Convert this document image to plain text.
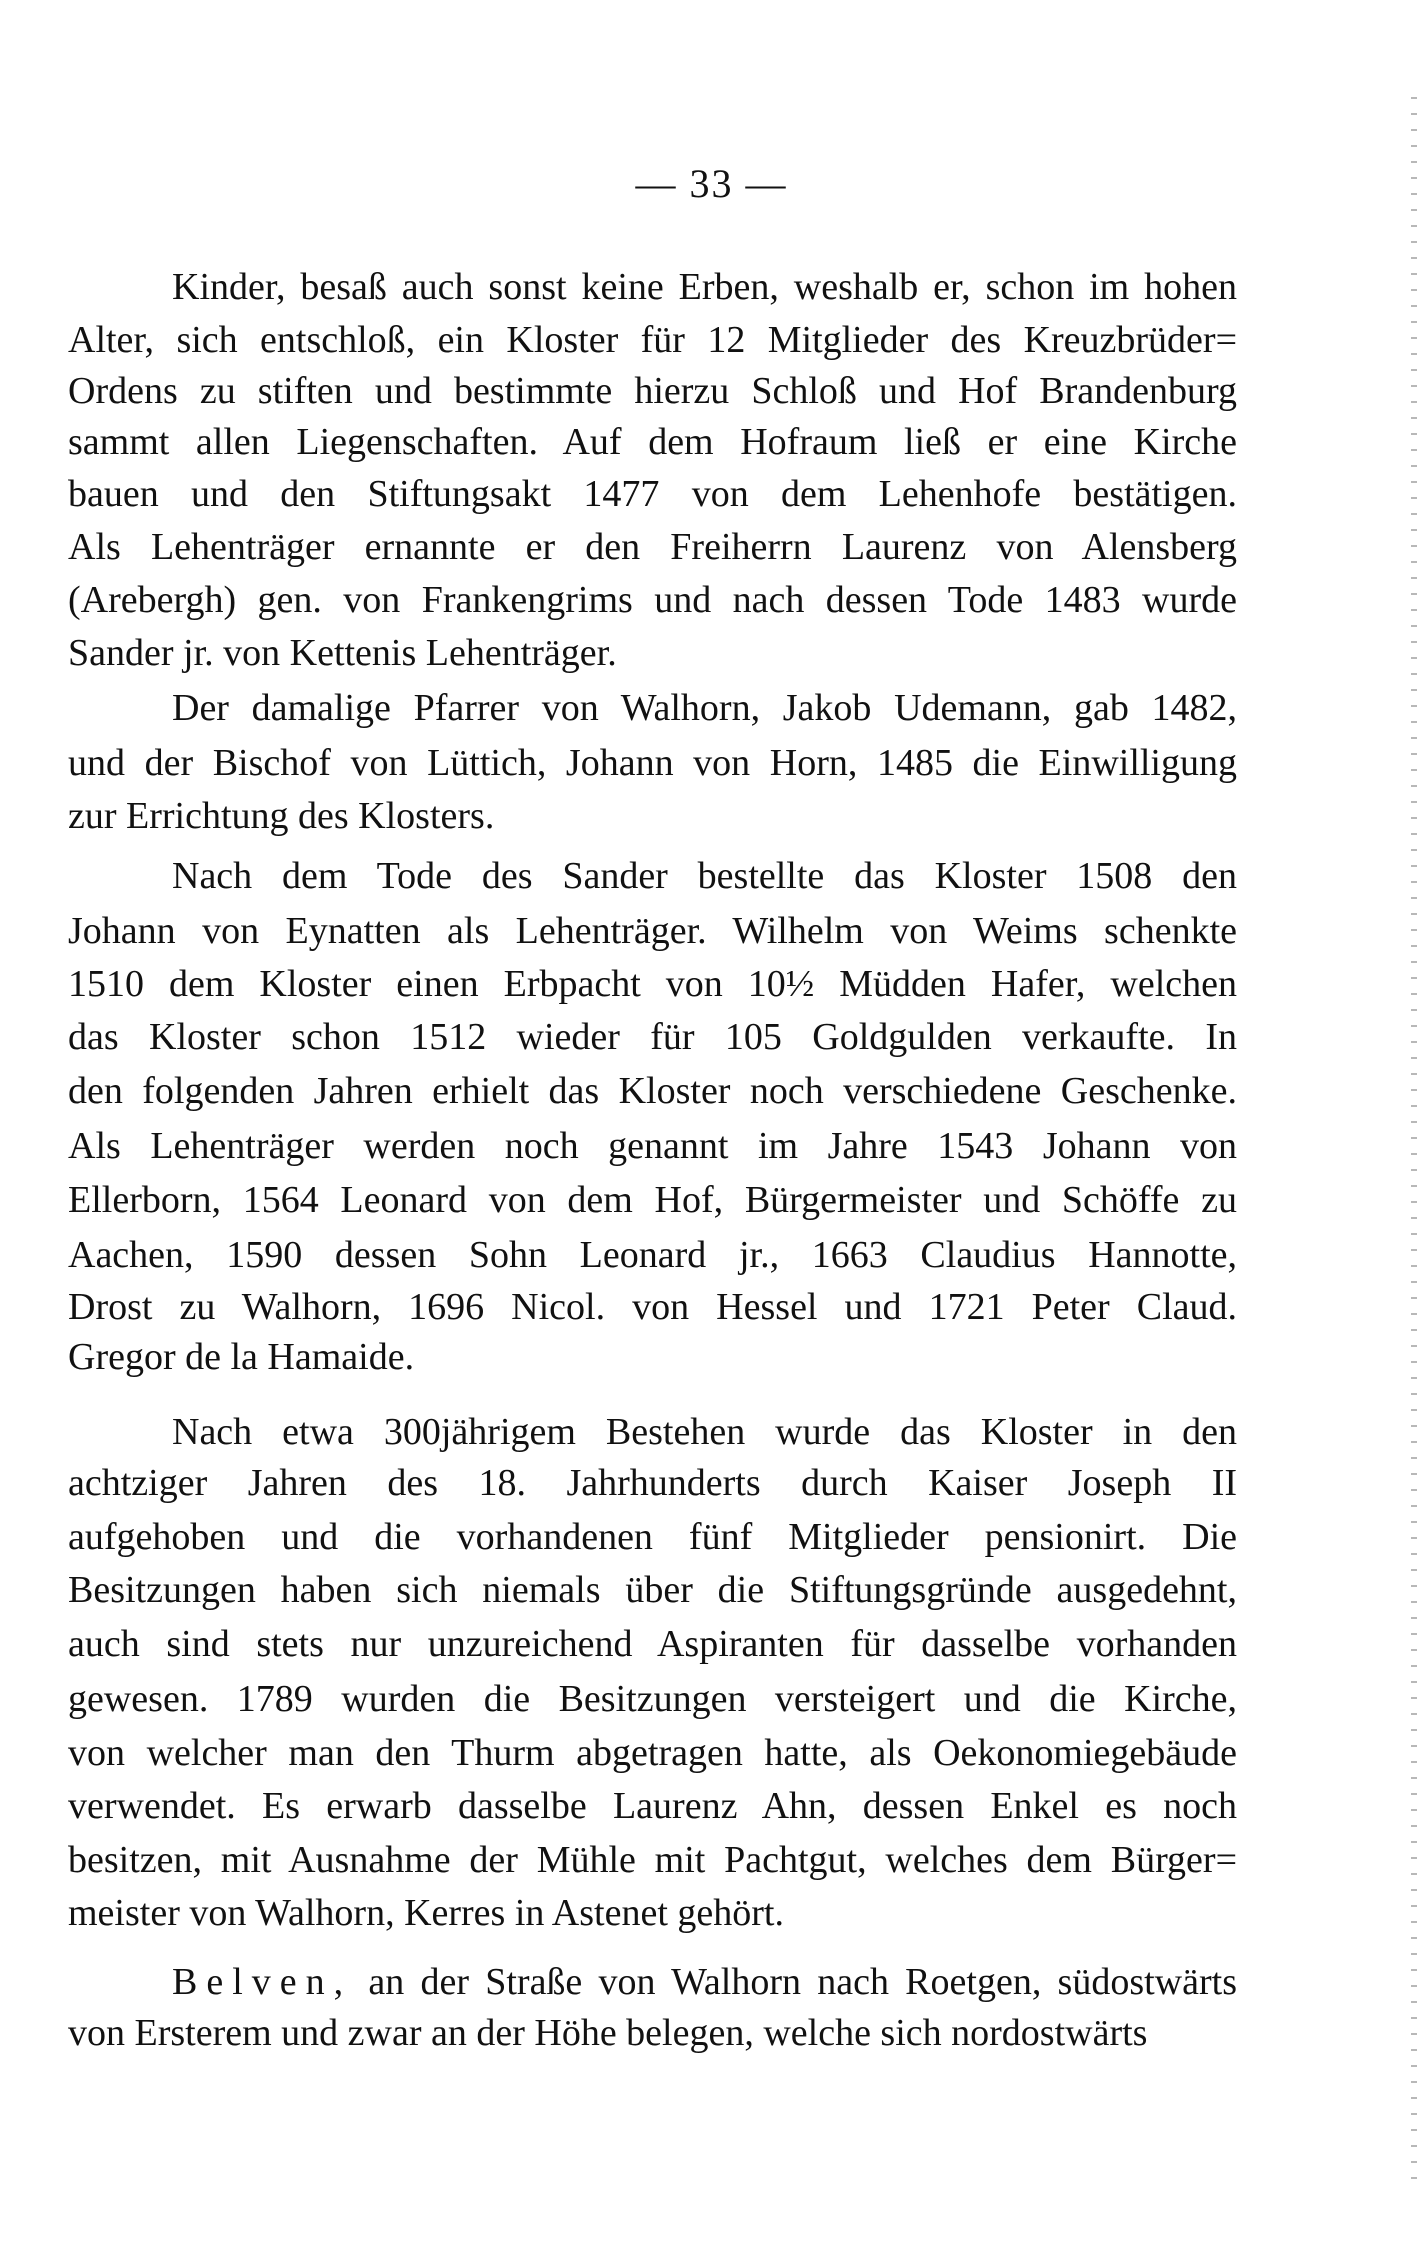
— 33 —
Kinder, besaß auch sonst keine Erben, weshalb er, schon im hohen
Alter, sich entschloß, ein Kloster für 12 Mitglieder des Kreuzbrüder=
Ordens zu stiften und bestimmte hierzu Schloß und Hof Brandenburg
sammt allen Liegenschaften. Auf dem Hofraum ließ er eine Kirche
bauen und den Stiftungsakt 1477 von dem Lehenhofe bestätigen.
Als Lehenträger ernannte er den Freiherrn Laurenz von Alensberg
(Arebergh) gen. von Frankengrims und nach dessen Tode 1483 wurde
Sander jr. von Kettenis Lehenträger.
Der damalige Pfarrer von Walhorn, Jakob Udemann, gab 1482,
und der Bischof von Lüttich, Johann von Horn, 1485 die Einwilligung
zur Errichtung des Klosters.
Nach dem Tode des Sander bestellte das Kloster 1508 den
Johann von Eynatten als Lehenträger. Wilhelm von Weims schenkte
1510 dem Kloster einen Erbpacht von 10½ Müdden Hafer, welchen
das Kloster schon 1512 wieder für 105 Goldgulden verkaufte. In
den folgenden Jahren erhielt das Kloster noch verschiedene Geschenke.
Als Lehenträger werden noch genannt im Jahre 1543 Johann von
Ellerborn, 1564 Leonard von dem Hof, Bürgermeister und Schöffe zu
Aachen, 1590 dessen Sohn Leonard jr., 1663 Claudius Hannotte,
Drost zu Walhorn, 1696 Nicol. von Hessel und 1721 Peter Claud.
Gregor de la Hamaide.
Nach etwa 300jährigem Bestehen wurde das Kloster in den
achtziger Jahren des 18. Jahrhunderts durch Kaiser Joseph II
aufgehoben und die vorhandenen fünf Mitglieder pensionirt. Die
Besitzungen haben sich niemals über die Stiftungsgründe ausgedehnt,
auch sind stets nur unzureichend Aspiranten für dasselbe vorhanden
gewesen. 1789 wurden die Besitzungen versteigert und die Kirche,
von welcher man den Thurm abgetragen hatte, als Oekonomiegebäude
verwendet. Es erwarb dasselbe Laurenz Ahn, dessen Enkel es noch
besitzen, mit Ausnahme der Mühle mit Pachtgut, welches dem Bürger=
meister von Walhorn, Kerres in Astenet gehört.
Belven, an der Straße von Walhorn nach Roetgen, südostwärts
von Ersterem und zwar an der Höhe belegen, welche sich nordostwärts
